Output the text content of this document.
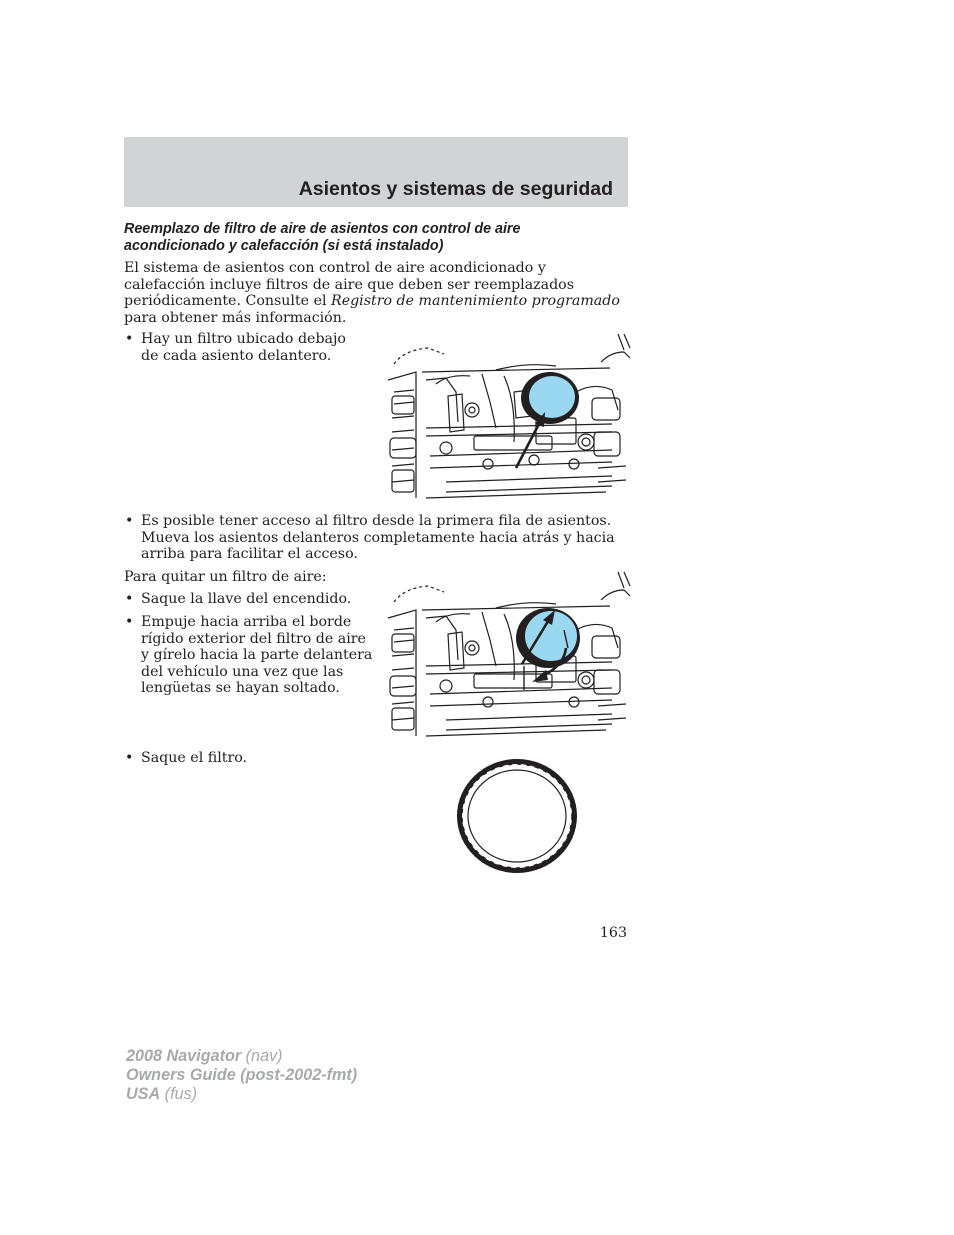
Asientos y sistemas de seguridad
Reemplazo de filtro de aire de asientos con control de aire acondicionado y calefacción (si está instalado)

El sistema de asientos con control de aire acondicionado y calefacción incluye filtros de aire que deben ser reemplazados periódicamente. Consulte el Registro de mantenimiento programado para obtener más información.

• Hay un filtro ubicado debajo de cada asiento delantero.

• Es posible tener acceso al filtro desde la primera fila de asientos. Mueva los asientos delanteros completamente hacia atrás y hacia arriba para facilitar el acceso.

Para quitar un filtro de aire:

• Saque la llave del encendido.

• Empuje hacia arriba el borde rígido exterior del filtro de aire y gírelo hacia la parte delantera del vehículo una vez que las lengüetas se hayan soltado.

• Saque el filtro.

163

2008 Navigator (nav)
Owners Guide (post-2002-fmt)
USA (fus)
